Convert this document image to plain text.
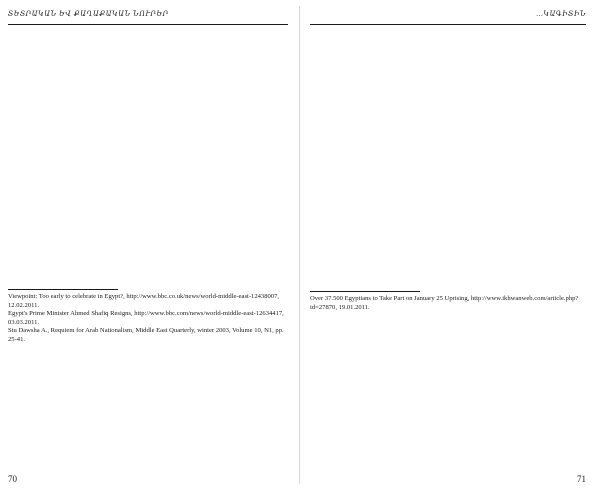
ՏԵՏՐԱԿԱՆ ԵՎ ՔԱՂԱՔԱԿԱՆ ՆՈՒՐԵՐ
Viewpoint: Too early to celebrate in Egypt?, http://www.bbc.co.uk/news/world-middle-east-12438007, 12.02.2011.
Egypt's Prime Minister Ahmed Shafiq Resigns, http://www.bbc.com/news/world-middle-east-12634417, 03.03.2011.
Stu Dawsha A., Requiem for Arab Nationalism, Middle East Quarterly, winter 2003, Volume 10, N1, pp. 25-41.
70
…ԿԱԳԻՏԻՆ
Over 37.500 Egyptians to Take Part on January 25 Uprising, http://www.ikhwanweb.com/article.php?id=27870, 19.01.2011.
71
